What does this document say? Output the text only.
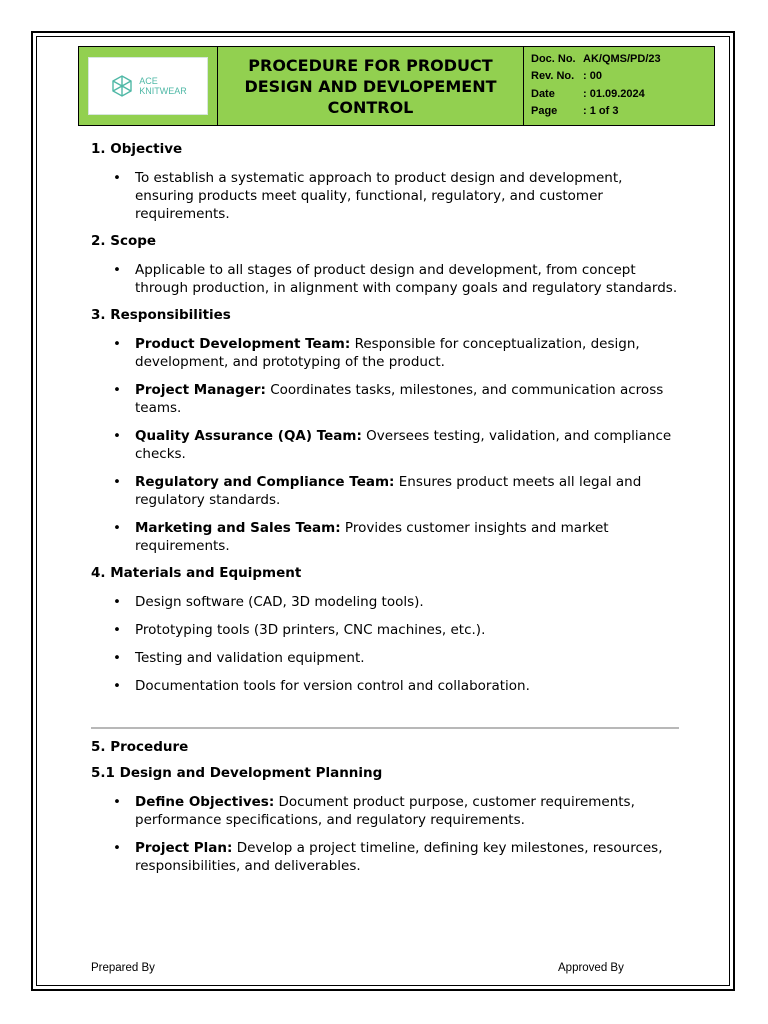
ACE
KNITWEAR
PROCEDURE FOR PRODUCT
DESIGN AND DEVLOPEMENT
CONTROL
Doc. No. AK/QMS/PD/23
Rev. No. : 00
Date	: 01.09.2024
Page	: 1 of 3
1. Objective
• To establish a systematic approach to product design and development, ensuring products meet quality, functional, regulatory, and customer requirements.
2. Scope
• Applicable to all stages of product design and development, from concept through production, in alignment with company goals and regulatory standards.
3. Responsibilities
• Product Development Team: Responsible for conceptualization, design, development, and prototyping of the product.
• Project Manager: Coordinates tasks, milestones, and communication across teams.
• Quality Assurance (QA) Team: Oversees testing, validation, and compliance checks.
• Regulatory and Compliance Team: Ensures product meets all legal and regulatory standards.
• Marketing and Sales Team: Provides customer insights and market requirements.
4. Materials and Equipment
• Design software (CAD, 3D modeling tools).
• Prototyping tools (3D printers, CNC machines, etc.).
• Testing and validation equipment.
• Documentation tools for version control and collaboration.
5. Procedure
5.1 Design and Development Planning
• Define Objectives: Document product purpose, customer requirements, performance specifications, and regulatory requirements.
• Project Plan: Develop a project timeline, defining key milestones, resources, responsibilities, and deliverables.
Prepared By	Approved By
